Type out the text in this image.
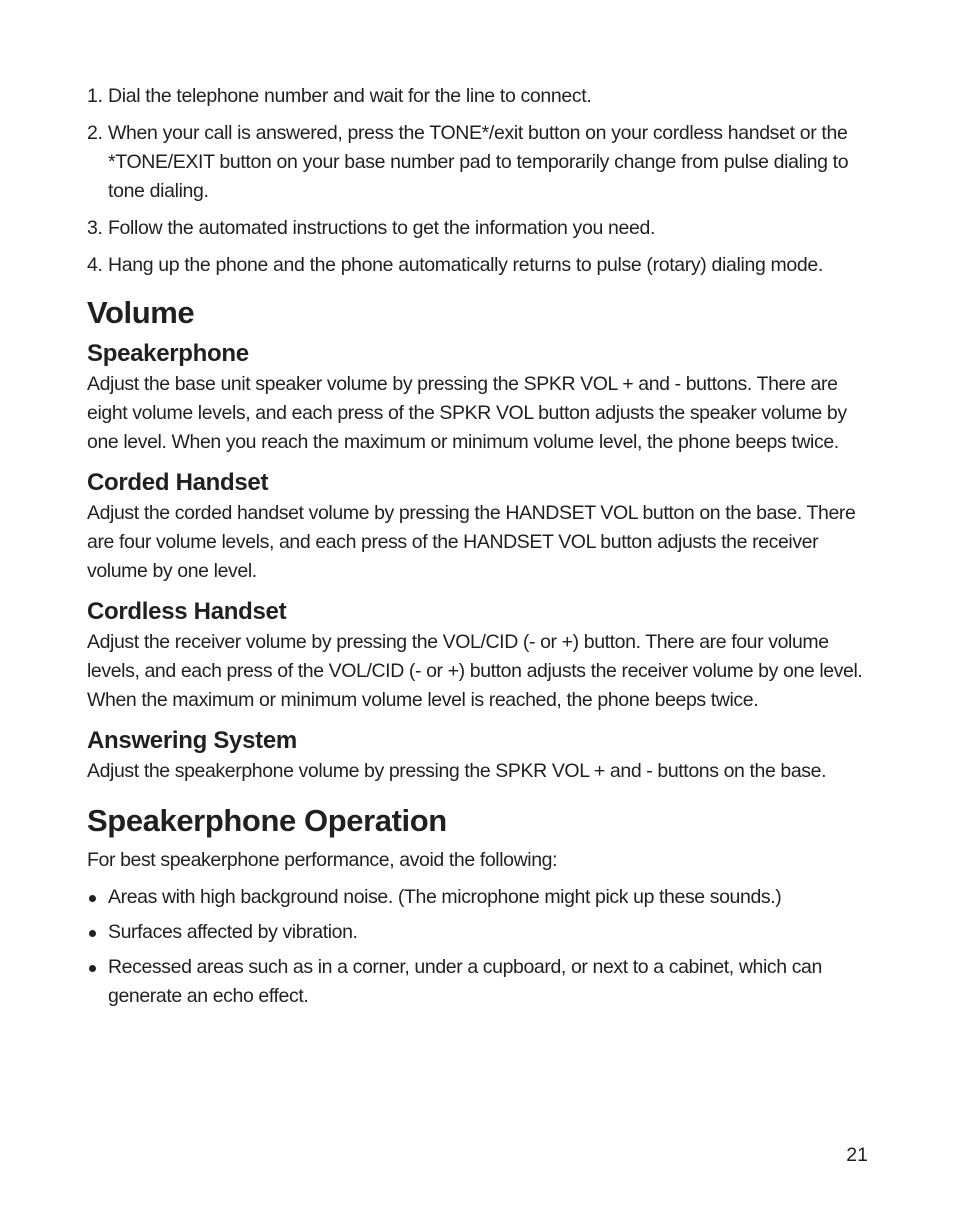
1. Dial the telephone number and wait for the line to connect.
2. When your call is answered, press the TONE*/exit button on your cordless handset or the *TONE/EXIT button on your base number pad to temporarily change from pulse dialing to tone dialing.
3. Follow the automated instructions to get the information you need.
4. Hang up the phone and the phone automatically returns to pulse (rotary) dialing mode.
Volume
Speakerphone

Adjust the base unit speaker volume by pressing the SPKR VOL + and - buttons. There are eight volume levels, and each press of the SPKR VOL button adjusts the speaker volume by one level. When you reach the maximum or minimum volume level, the phone beeps twice.

Corded Handset

Adjust the corded handset volume by pressing the HANDSET VOL button on the base. There are four volume levels, and each press of the HANDSET VOL button adjusts the receiver volume by one level.

Cordless Handset

Adjust the receiver volume by pressing the VOL/CID (- or +) button. There are four volume levels, and each press of the VOL/CID (- or +) button adjusts the receiver volume by one level. When the maximum or minimum volume level is reached, the phone beeps twice.

Answering System

Adjust the speakerphone volume by pressing the SPKR VOL + and - buttons on the base.

Speakerphone Operation

For best speakerphone performance, avoid the following:

Areas with high background noise. (The microphone might pick up these sounds.)
Surfaces affected by vibration.
Recessed areas such as in a corner, under a cupboard, or next to a cabinet, which can generate an echo effect.
21
